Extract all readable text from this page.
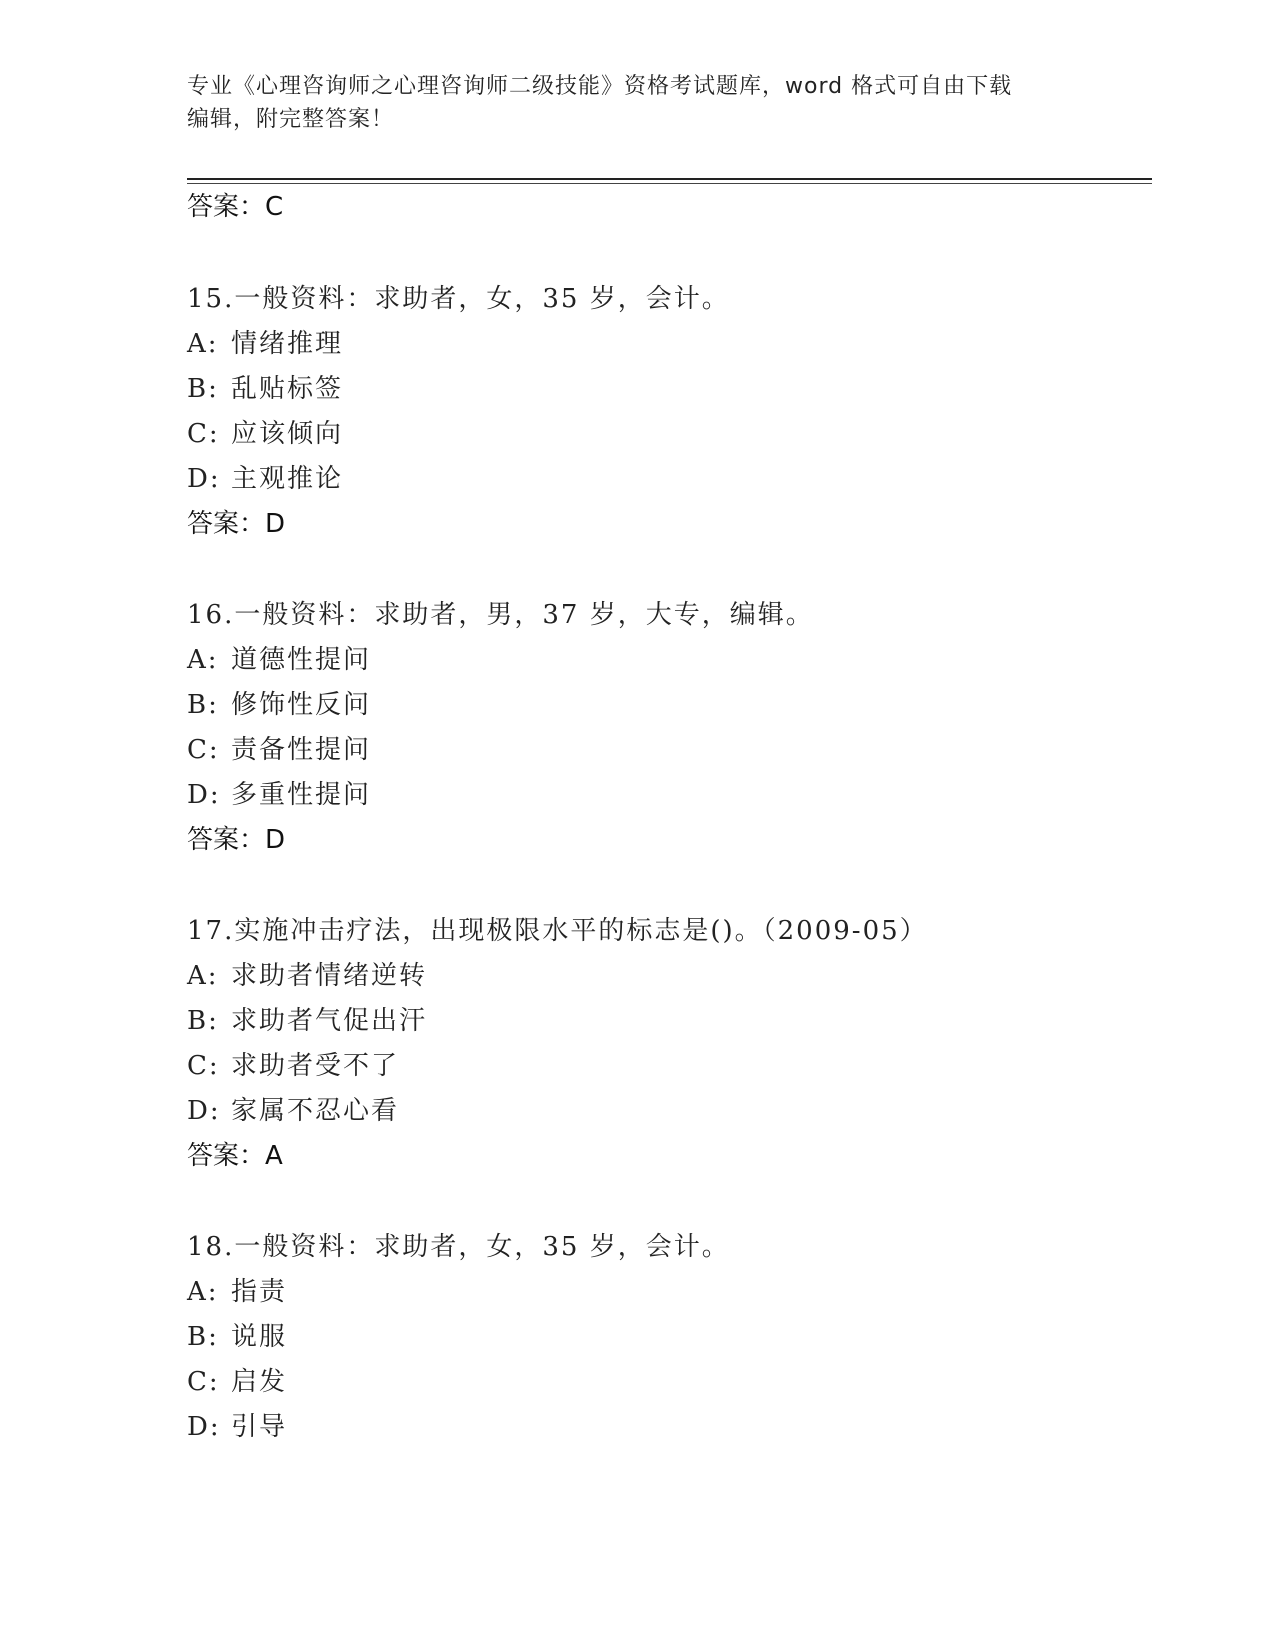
专业《心理咨询师之心理咨询师二级技能》资格考试题库，word 格式可自由下载
编辑，附完整答案！
答案：C
15.一般资料：求助者，女，35 岁，会计。
A: 情绪推理
B: 乱贴标签
C: 应该倾向
D: 主观推论
答案：D
16.一般资料：求助者，男，37 岁，大专，编辑。
A: 道德性提问
B: 修饰性反问
C: 责备性提问
D: 多重性提问
答案：D
17.实施冲击疗法，出现极限水平的标志是()。（2009-05）
A: 求助者情绪逆转
B: 求助者气促出汗
C: 求助者受不了
D: 家属不忍心看
答案：A
18.一般资料：求助者，女，35 岁，会计。
A: 指责
B: 说服
C: 启发
D: 引导
